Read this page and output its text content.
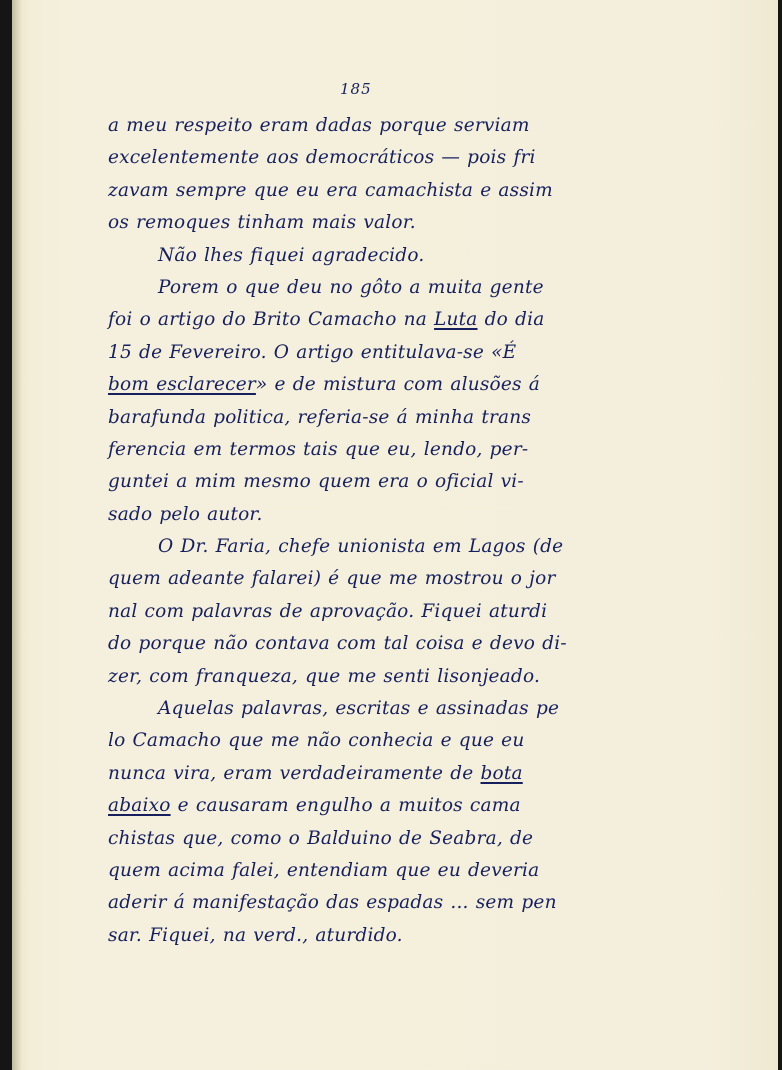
185
a meu respeito eram dadas porque serviam
excelentemente aos democráticos — pois fri
zavam sempre que eu era camachista e assim
os remoques tinham mais valor.
Não lhes fiquei agradecido.
Porem o que deu no gôto a muita gente
foi o artigo do Brito Camacho na Luta do dia
15 de Fevereiro. O artigo entitulava-se «É
bom esclarecer» e de mistura com alusões á
barafunda politica, referia-se á minha trans
ferencia em termos tais que eu, lendo, per-
guntei a mim mesmo quem era o oficial vi-
sado pelo autor.
O Dr. Faria, chefe unionista em Lagos (de
quem adeante falarei) é que me mostrou o jor
nal com palavras de aprovação. Fiquei aturdi
do porque não contava com tal coisa e devo di-
zer, com franqueza, que me senti lisonjeado.
Aquelas palavras, escritas e assinadas pe
lo Camacho que me não conhecia e que eu
nunca vira, eram verdadeiramente de bota
abaixo e causaram engulho a muitos cama
chistas que, como o Balduino de Seabra, de
quem acima falei, entendiam que eu deveria
aderir á manifestação das espadas ... sem pen
sar. Fiquei, na verd., aturdido.
